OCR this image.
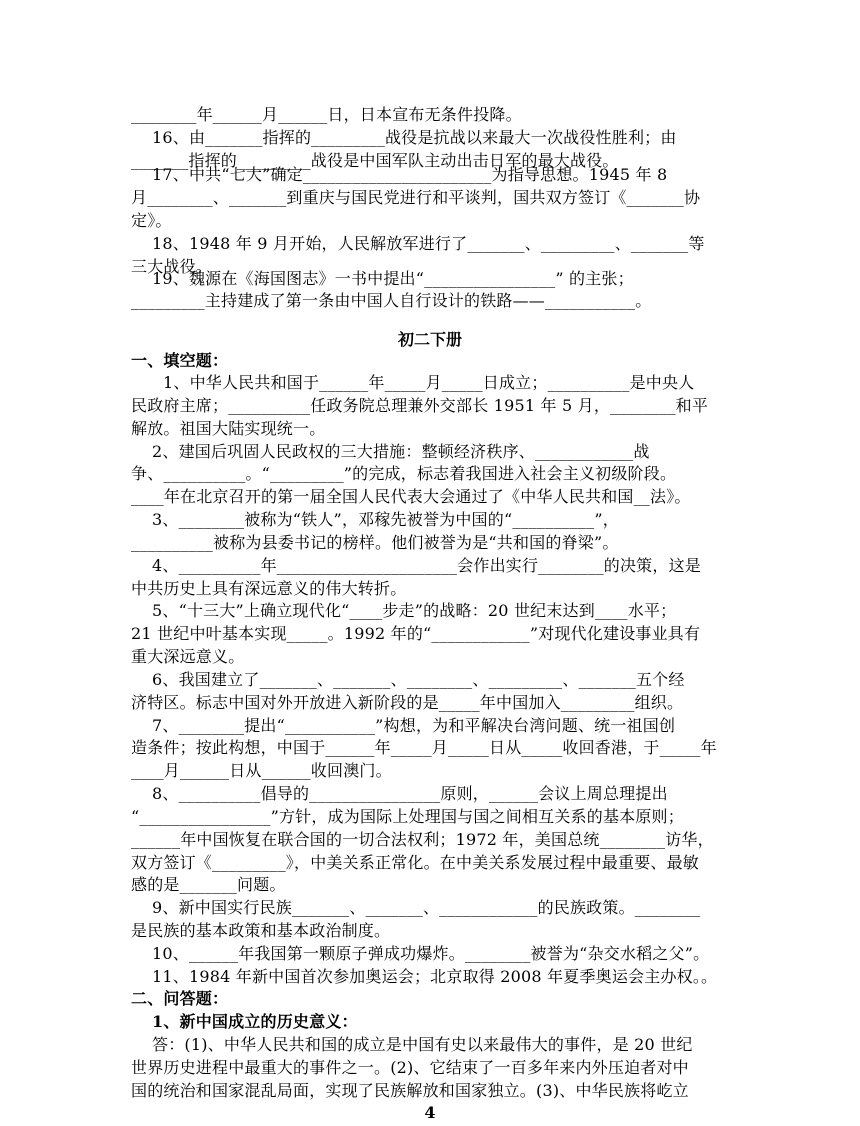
________年______月______日，日本宣布无条件投降。
16、由_______指挥的_________战役是抗战以来最大一次战役性胜利；由
_______指挥的_________战役是中国军队主动出击日军的最大战役。
17、中共“七大”确定_______________________为指导思想。1945 年 8
月________、_______到重庆与国民党进行和平谈判，国共双方签订《_______协
定》。
18、1948 年 9 月开始，人民解放军进行了_______、_________、_______等
三大战役。
19、魏源在《海国图志》一书中提出“________________” 的主张；
_________主持建成了第一条由中国人自行设计的铁路——___________。
初二下册
一、填空题：
1、中华人民共和国于______年_____月_____日成立；__________是中央人
民政府主席；__________任政务院总理兼外交部长 1951 年 5 月，________和平
解放。祖国大陆实现统一。
2、建国后巩固人民政权的三大措施：整顿经济秩序、____________战
争、__________。“_________”的完成，标志着我国进入社会主义初级阶段。
____年在北京召开的第一届全国人民代表大会通过了《中华人民共和国__法》。
3、________被称为“铁人”，邓稼先被誉为中国的“__________”，
__________被称为县委书记的榜样。他们被誉为是“共和国的脊梁”。
4、__________年______________________会作出实行________的决策，这是
中共历史上具有深远意义的伟大转折。
5、“十三大”上确立现代化“____步走”的战略：20 世纪末达到____水平；
21 世纪中叶基本实现_____。1992 年的“____________”对现代化建设事业具有
重大深远意义。
6、我国建立了_______、_______、________、_________、_______五个经
济特区。标志中国对外开放进入新阶段的是_____年中国加入_________组织。
7、________提出“___________”构想，为和平解决台湾问题、统一祖国创
造条件；按此构想，中国于______年_____月_____日从_____收回香港，于_____年
____月______日从______收回澳门。
8、__________倡导的________________原则，______会议上周总理提出
“________________”方针，成为国际上处理国与国之间相互关系的基本原则；
______年中国恢复在联合国的一切合法权利；1972 年，美国总统________访华，
双方签订《_________》，中美关系正常化。在中美关系发展过程中最重要、最敏
感的是_______问题。
9、新中国实行民族_______、_______、____________的民族政策。________
是民族的基本政策和基本政治制度。
10、______年我国第一颗原子弹成功爆炸。________被誉为“杂交水稻之父”。
11、1984 年新中国首次参加奥运会；北京取得 2008 年夏季奥运会主办权。。
二、问答题：
1、新中国成立的历史意义：
答：(1)、中华人民共和国的成立是中国有史以来最伟大的事件，是 20 世纪
世界历史进程中最重大的事件之一。(2)、它结束了一百多年来内外压迫者对中
国的统治和国家混乱局面，实现了民族解放和国家独立。(3)、中华民族将屹立
4
